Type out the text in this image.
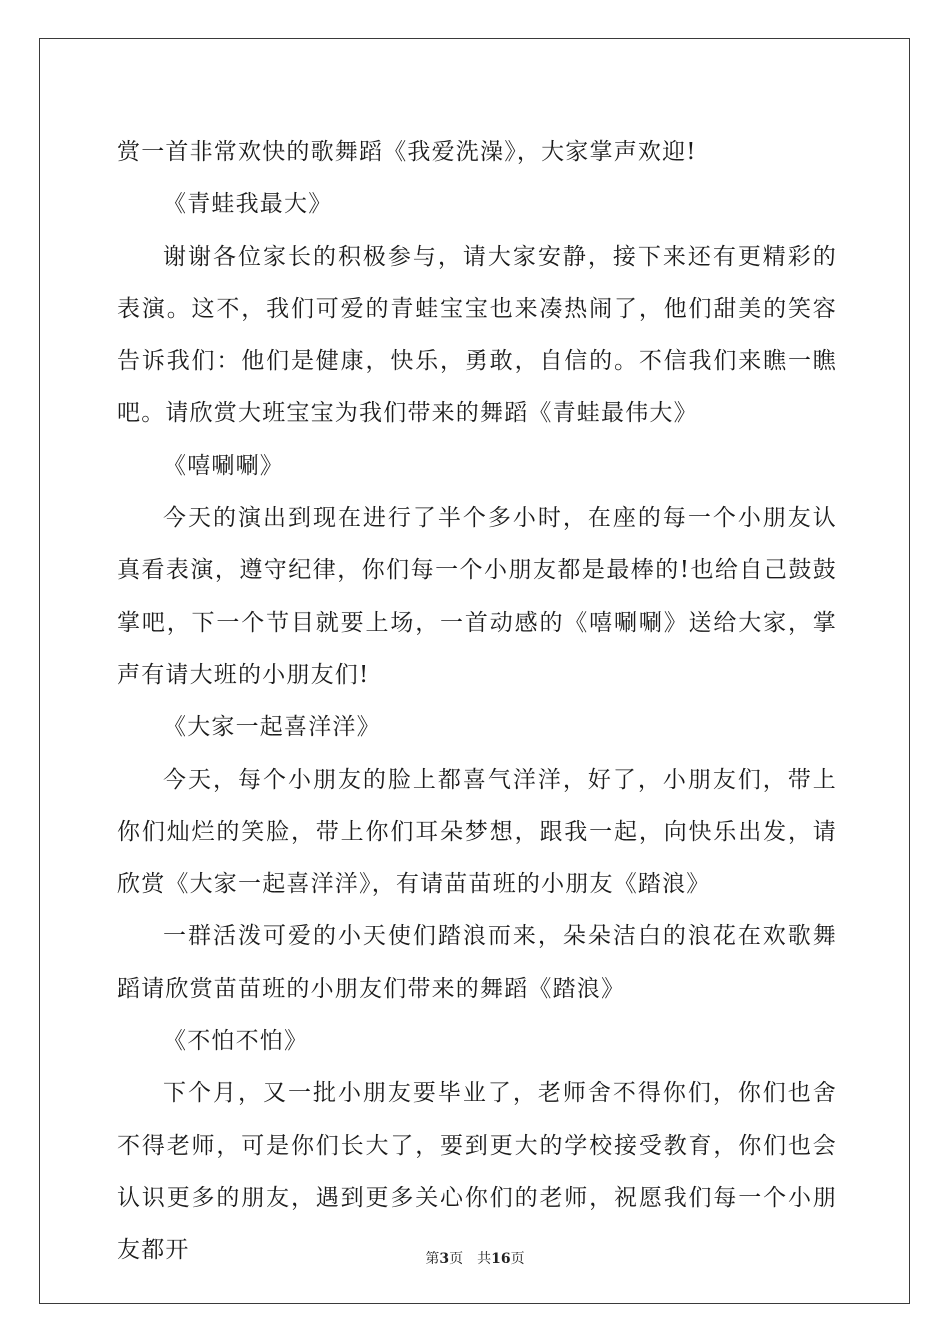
赏一首非常欢快的歌舞蹈《我爱洗澡》，大家掌声欢迎!

《青蛙我最大》

谢谢各位家长的积极参与，请大家安静，接下来还有更精彩的表演。这不，我们可爱的青蛙宝宝也来凑热闹了，他们甜美的笑容告诉我们：他们是健康，快乐，勇敢，自信的。不信我们来瞧一瞧吧。请欣赏大班宝宝为我们带来的舞蹈《青蛙最伟大》

《嘻唰唰》

今天的演出到现在进行了半个多小时，在座的每一个小朋友认真看表演，遵守纪律，你们每一个小朋友都是最棒的!也给自己鼓鼓掌吧，下一个节目就要上场，一首动感的《嘻唰唰》送给大家，掌声有请大班的小朋友们!

《大家一起喜洋洋》

今天，每个小朋友的脸上都喜气洋洋，好了，小朋友们，带上你们灿烂的笑脸，带上你们耳朵梦想，跟我一起，向快乐出发，请欣赏《大家一起喜洋洋》，有请苗苗班的小朋友《踏浪》

一群活泼可爱的小天使们踏浪而来，朵朵洁白的浪花在欢歌舞蹈请欣赏苗苗班的小朋友们带来的舞蹈《踏浪》

《不怕不怕》

下个月，又一批小朋友要毕业了，老师舍不得你们，你们也舍不得老师，可是你们长大了，要到更大的学校接受教育，你们也会认识更多的朋友，遇到更多关心你们的老师，祝愿我们每一个小朋友都开	第3页 共16页
